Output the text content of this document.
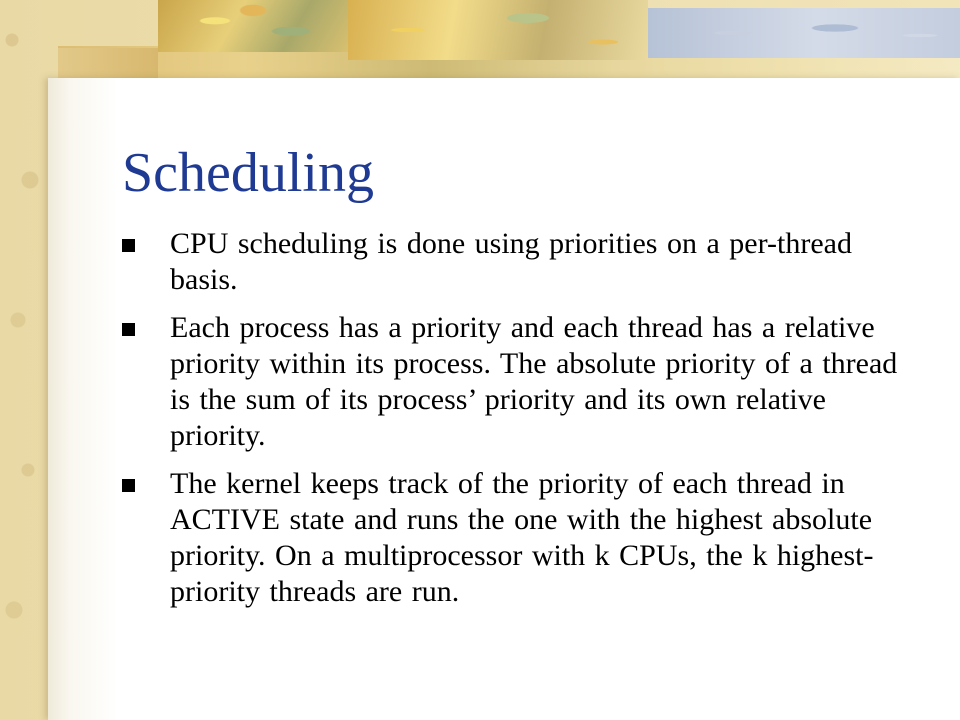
Scheduling
CPU scheduling is done using priorities on a per-thread basis.
Each process has a priority and each thread has a relative priority within its process. The absolute priority of a thread is the sum of its process’ priority and its own relative priority.
The kernel keeps track of the priority of each thread in ACTIVE state and runs the one with the highest absolute priority. On a multiprocessor with k CPUs, the k highest-priority threads are run.
